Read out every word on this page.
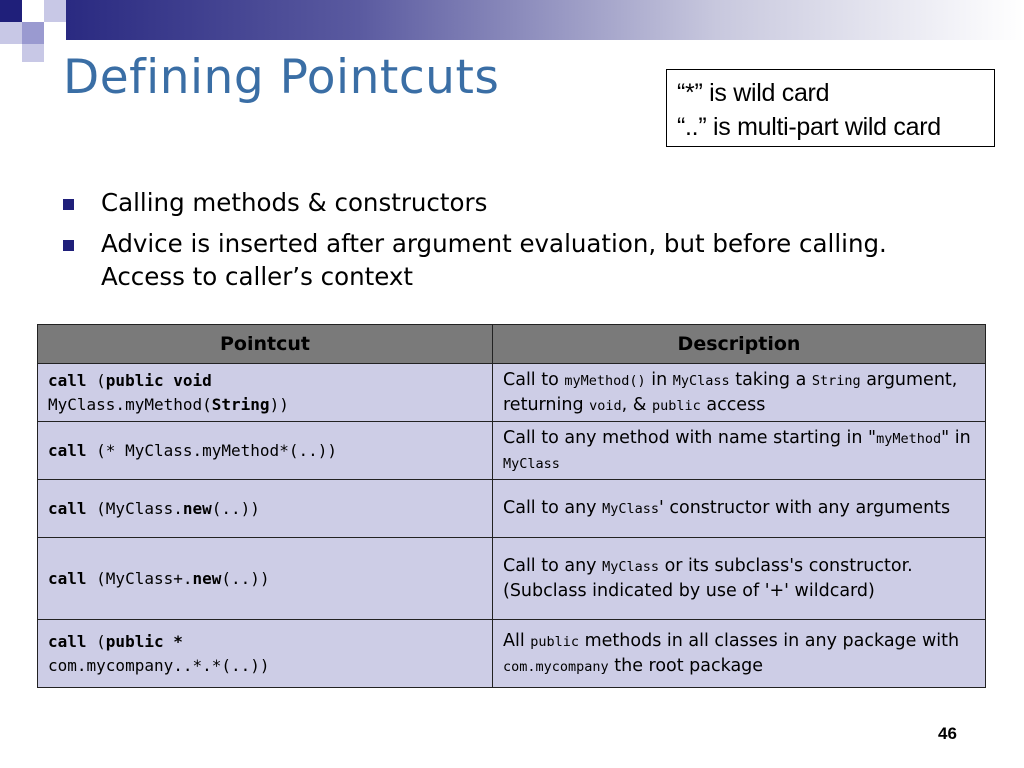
Defining Pointcuts	“*” is wild card
“..” is multi-part wild card
Calling methods & constructors
Advice is inserted after argument evaluation, but before calling. Access to caller’s context
Pointcut	Description
call (public void
MyClass.myMethod(String))	Call to myMethod() in MyClass taking a String argument, returning void, & public access
call (* MyClass.myMethod*(..))	Call to any method with name starting in "myMethod" in MyClass
call (MyClass.new(..))	Call to any MyClass' constructor with any arguments
call (MyClass+.new(..))	Call to any MyClass or its subclass's constructor. (Subclass indicated by use of '+' wildcard)
call (public *
com.mycompany..*.*(..))	All public methods in all classes in any package with com.mycompany the root package
46
